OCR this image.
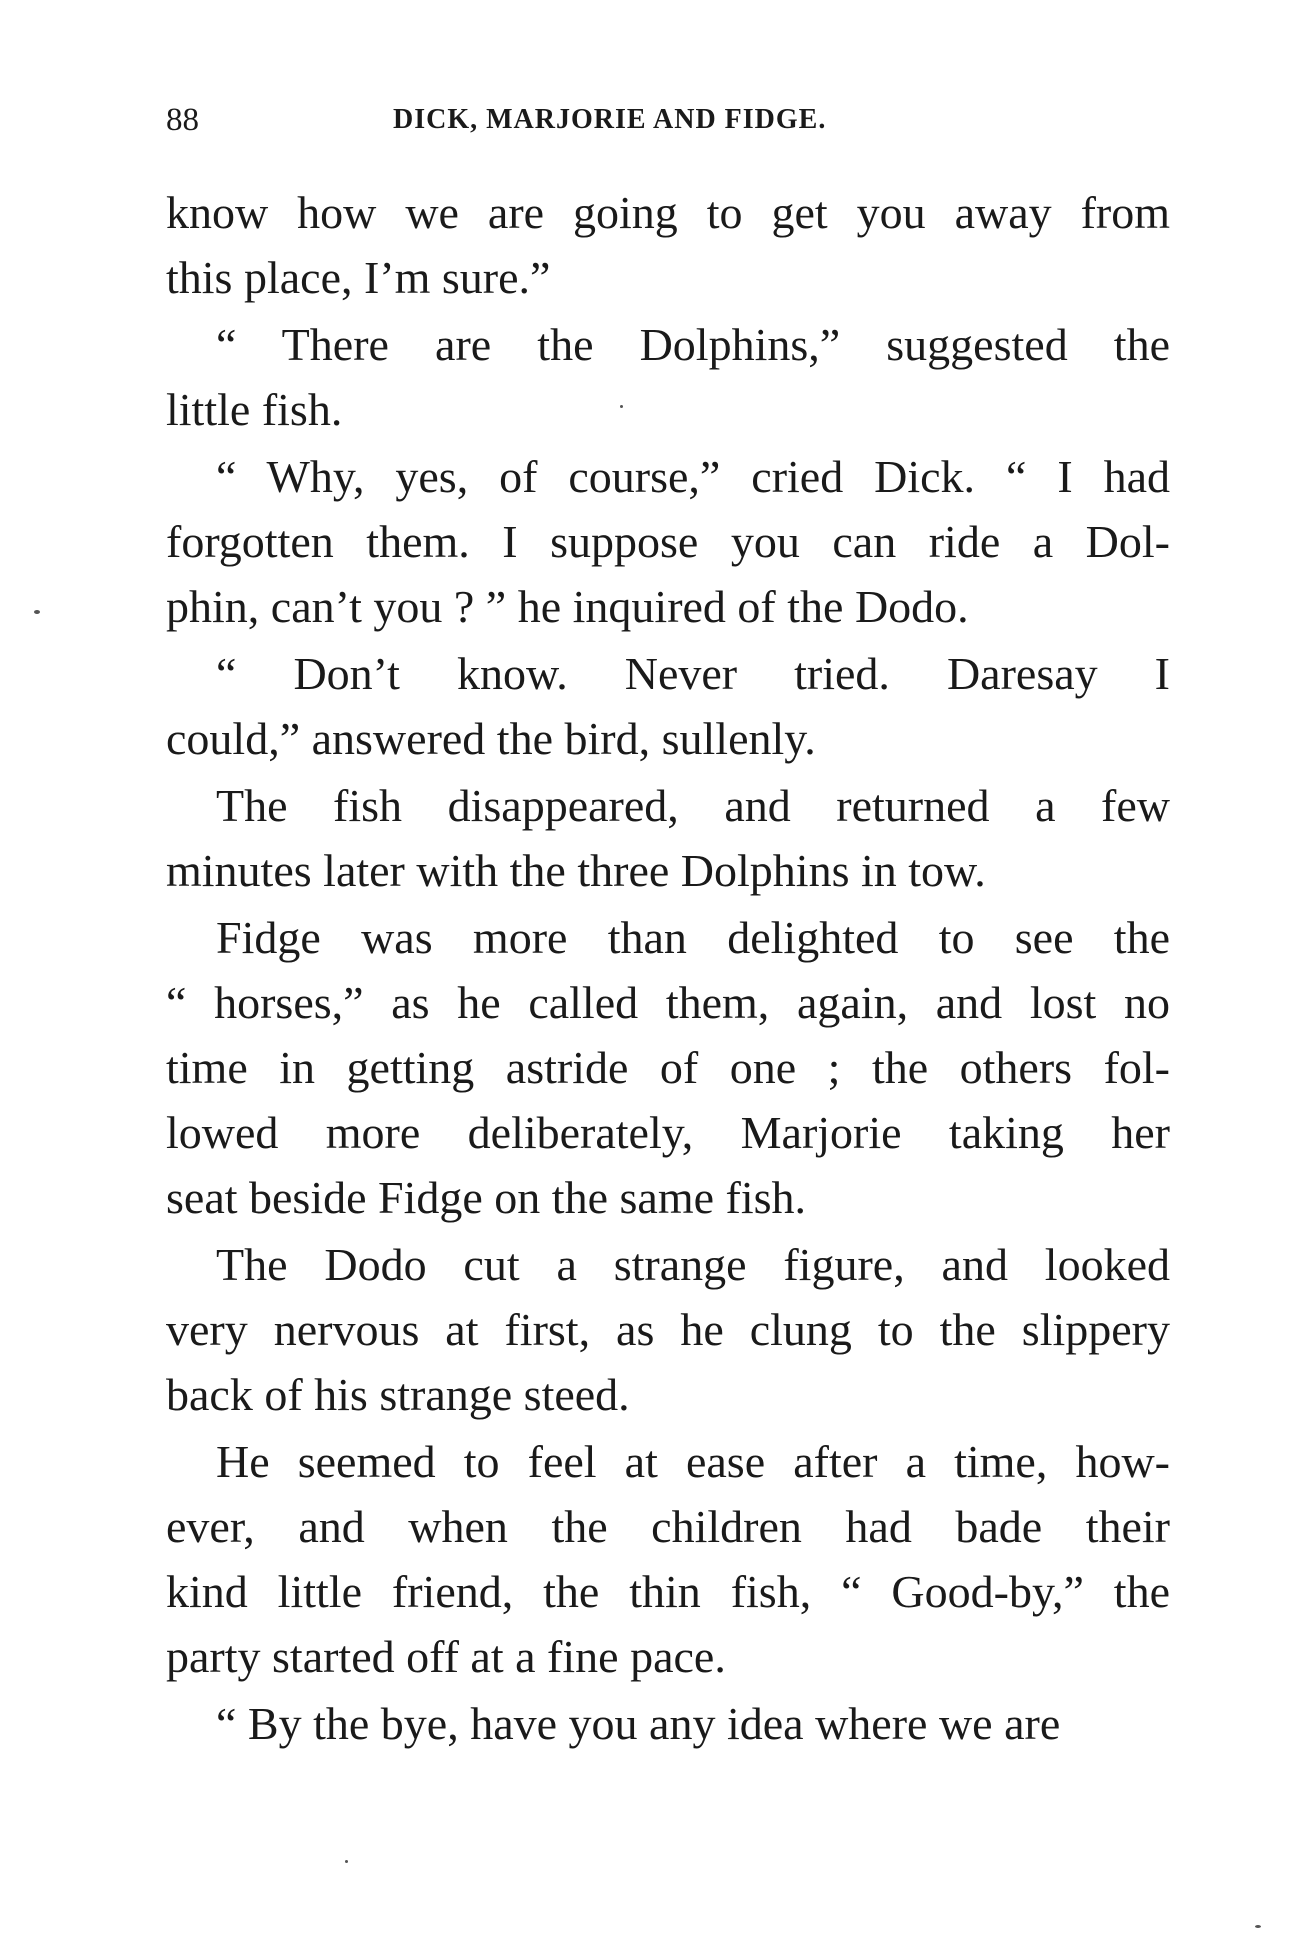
88	DICK, MARJORIE AND FIDGE.
know how we are going to get you away from
this place, I’m sure.”
“ There are the Dolphins,” suggested the
little fish.
“ Why, yes, of course,” cried Dick. “ I had
forgotten them. I suppose you can ride a Dol-
phin, can’t you ? ” he inquired of the Dodo.
“ Don’t know. Never tried. Daresay I
could,” answered the bird, sullenly.
The fish disappeared, and returned a few
minutes later with the three Dolphins in tow.
Fidge was more than delighted to see the
“ horses,” as he called them, again, and lost no
time in getting astride of one ; the others fol-
lowed more deliberately, Marjorie taking her
seat beside Fidge on the same fish.
The Dodo cut a strange figure, and looked
very nervous at first, as he clung to the slippery
back of his strange steed.
He seemed to feel at ease after a time, how-
ever, and when the children had bade their
kind little friend, the thin fish, “ Good-by,” the
party started off at a fine pace.
“ By the bye, have you any idea where we are
